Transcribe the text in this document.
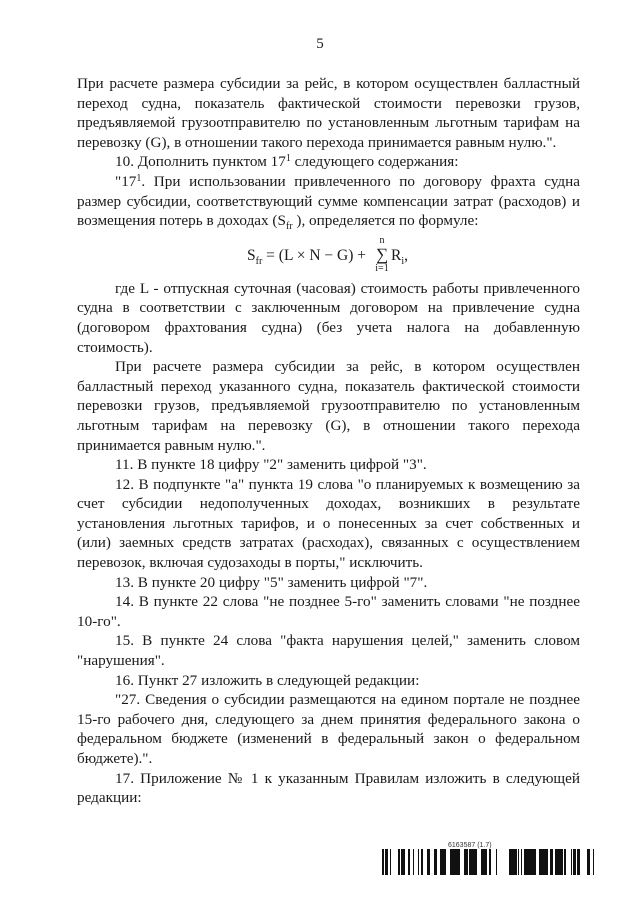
5

При расчете размера субсидии за рейс, в котором осуществлен балластный переход судна, показатель фактической стоимости перевозки грузов, предъявляемой грузоотправителю по установленным льготным тарифам на перевозку (G), в отношении такого перехода принимается равным нулю.".

10. Дополнить пунктом $17^1$ следующего содержания:

"$17^1$. При использовании привлеченного по договору фрахта судна размер субсидии, соответствующий сумме компенсации затрат (расходов) и возмещения потерь в доходах ($S_{fr}$ ), определяется по формуле:

$S_{fr} = (L \times N - G)$ +
n
∑
i=1
$R_i$,

где L - отпускная суточная (часовая) стоимость работы привлеченного судна в соответствии с заключенным договором на привлечение судна (договором фрахтования судна) (без учета налога на добавленную стоимость).

При расчете размера субсидии за рейс, в котором осуществлен балластный переход указанного судна, показатель фактической стоимости перевозки грузов, предъявляемой грузоотправителю по установленным льготным тарифам на перевозку (G), в отношении такого перехода принимается равным нулю.".

11. В пункте 18 цифру "2" заменить цифрой "3".

12. В подпункте "а" пункта 19 слова "о планируемых к возмещению за счет субсидии недополученных доходах, возникших в результате установления льготных тарифов, и о понесенных за счет собственных и (или) заемных средств затратах (расходах), связанных с осуществлением перевозок, включая судозаходы в порты," исключить.

13. В пункте 20 цифру "5" заменить цифрой "7".

14. В пункте 22 слова "не позднее 5-го" заменить словами "не позднее 10-го".

15. В пункте 24 слова "факта нарушения целей," заменить словом "нарушения".

16. Пункт 27 изложить в следующей редакции:

"27. Сведения о субсидии размещаются на едином портале не позднее 15-го рабочего дня, следующего за днем принятия федерального закона о федеральном бюджете (изменений в федеральный закон о федеральном бюджете).".

17. Приложение № 1 к указанным Правилам изложить в следующей редакции:

6163587 (1.7)
